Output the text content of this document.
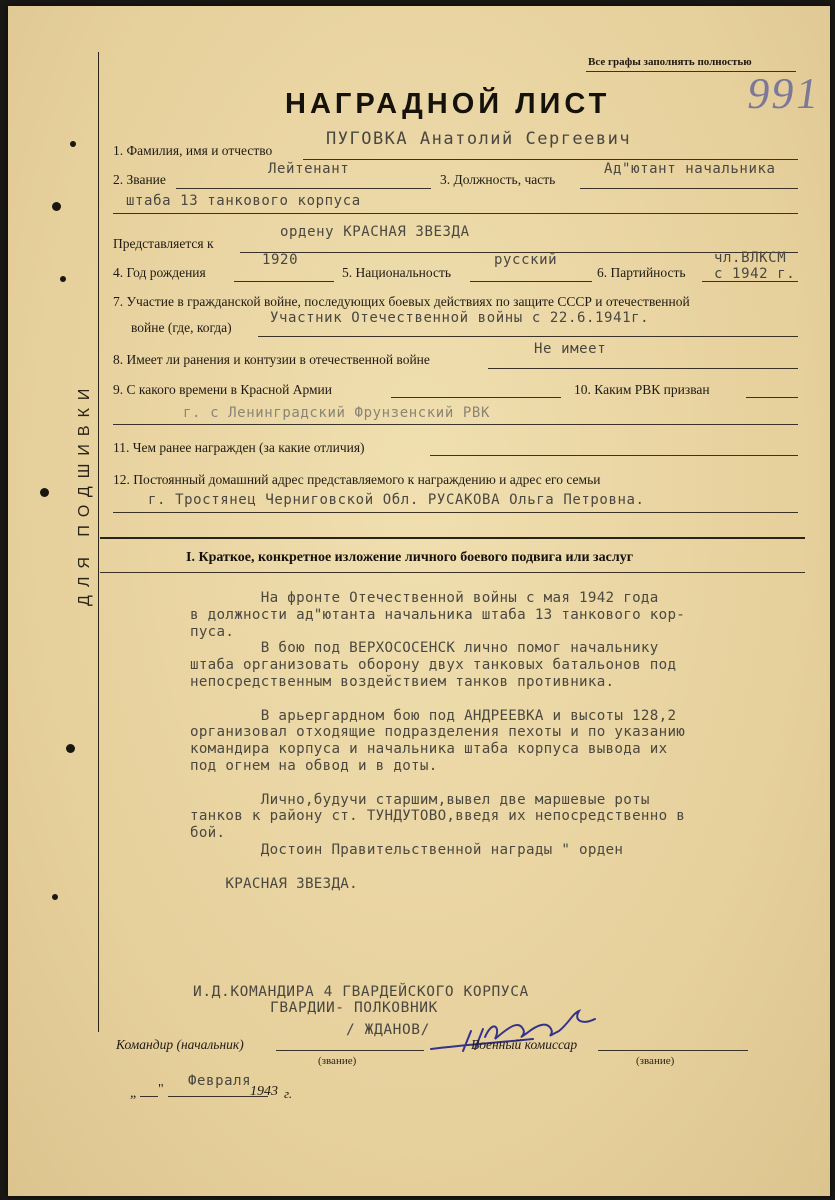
ДЛЯ ПОДШИВКИ
Все графы заполнять полностью
991
НАГРАДНОЙ ЛИСТ
1. Фамилия, имя и отчество
ПУГОВКА Анатолий Сергеевич
2. Звание
Лейтенант
3. Должность, часть
Ад"ютант начальника
штаба 13 танкового корпуса
Представляется к
ордену КРАСНАЯ ЗВЕЗДА
4. Год рождения
1920
5. Национальность
русский
6. Партийность
чл.ВЛКСМ
с 1942 г.
7. Участие в гражданской войне, последующих боевых действиях по защите СССР и отечественной
войне (где, когда)
Участник Отечественной войны с 22.6.1941г.
8. Имеет ли ранения и контузии в отечественной войне
Не имеет
9. С какого времени в Красной Армии	10. Каким РВК призван
г. с Ленинградский Фрунзенский РВК
11. Чем ранее награжден (за какие отличия)
12. Постоянный домашний адрес представляемого к награждению и адрес его семьи
г. Тростянец Черниговской Обл. РУСАКОВА Ольга Петровна.
I. Краткое, конкретное изложение личного боевого подвига или заслуг
На фронте Отечественной войны с мая 1942 года
в должности ад"ютанта начальника штаба 13 танкового кор-
пуса.
В бою под ВЕРХОСОСЕНСК лично помог начальнику
штаба организовать оборону двух танковых батальонов под
непосредственным воздействием танков противника.
В арьергардном бою под АНДРЕЕВКА и высоты 128,2
организовал отходящие подразделения пехоты и по указанию
командира корпуса и начальника штаба корпуса вывода их
под огнем на обвод и в доты.
Лично,будучи старшим,вывел две маршевые роты
танков к району ст. ТУНДУТОВО,введя их непосредственно в
бой.
Достоин Правительственной награды " орден
КРАСНАЯ ЗВЕЗДА.
И.Д.КОМАНДИРА 4 ГВАРДЕЙСКОГО КОРПУСА
ГВАРДИИ- ПОЛКОВНИК
/ ЖДАНОВ/
Командир (начальник)
(звание)
Военный комиссар
(звание)
„ "
Февраля
1943 г.
